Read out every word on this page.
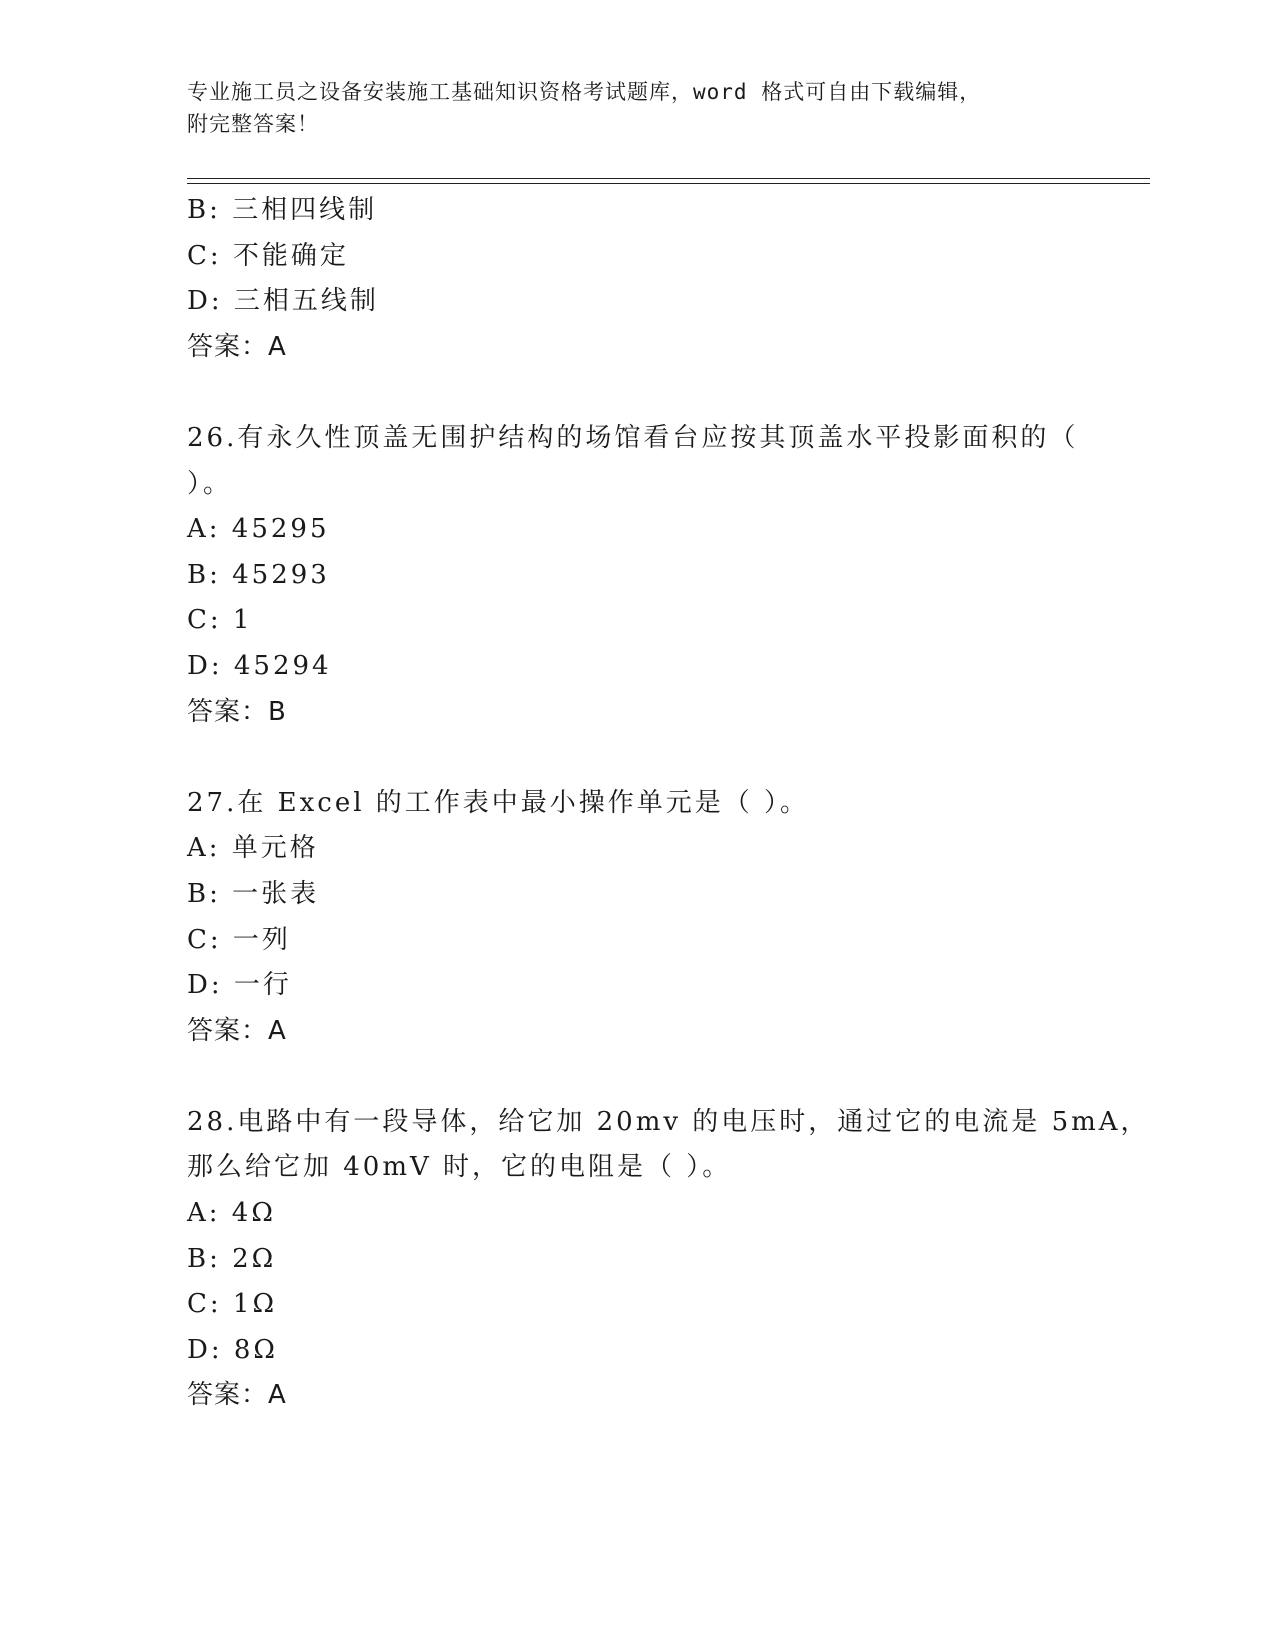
专业施工员之设备安装施工基础知识资格考试题库，word 格式可自由下载编辑，
附完整答案！
B: 三相四线制
C: 不能确定
D: 三相五线制
答案：A
26.有永久性顶盖无围护结构的场馆看台应按其顶盖水平投影面积的（
）。
A: 45295
B: 45293
C: 1
D: 45294
答案：B
27.在 Excel 的工作表中最小操作单元是（ ）。
A: 单元格
B: 一张表
C: 一列
D: 一行
答案：A
28.电路中有一段导体，给它加 20mv 的电压时，通过它的电流是 5mA，
那么给它加 40mV 时，它的电阻是（ ）。
A: 4Ω
B: 2Ω
C: 1Ω
D: 8Ω
答案：A
